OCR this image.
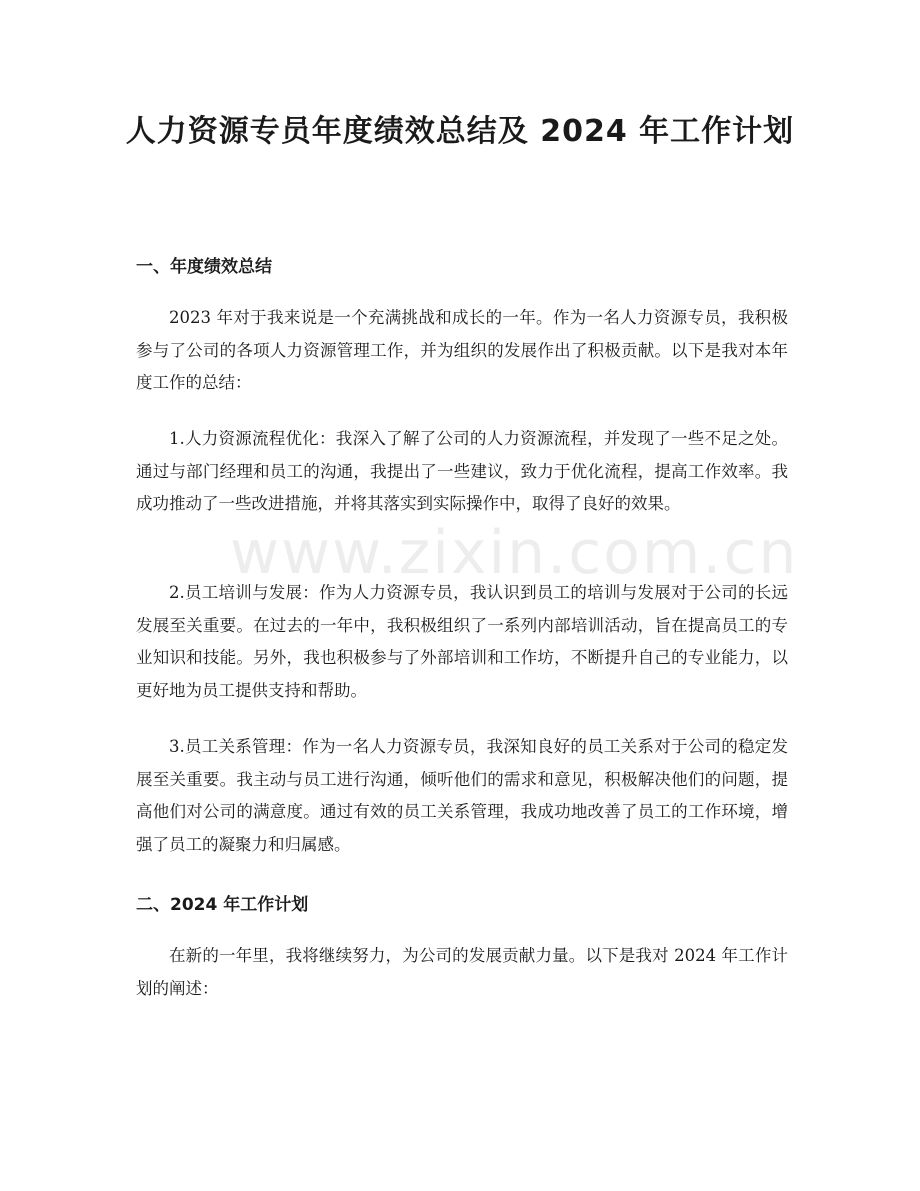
www.zixin.com.cn
人力资源专员年度绩效总结及 2024 年工作计划
一、年度绩效总结

2023 年对于我来说是一个充满挑战和成长的一年。作为一名人力资源专员，我积极参与了公司的各项人力资源管理工作，并为组织的发展作出了积极贡献。以下是我对本年度工作的总结：

1.人力资源流程优化：我深入了解了公司的人力资源流程，并发现了一些不足之处。通过与部门经理和员工的沟通，我提出了一些建议，致力于优化流程，提高工作效率。我成功推动了一些改进措施，并将其落实到实际操作中，取得了良好的效果。

2.员工培训与发展：作为人力资源专员，我认识到员工的培训与发展对于公司的长远发展至关重要。在过去的一年中，我积极组织了一系列内部培训活动，旨在提高员工的专业知识和技能。另外，我也积极参与了外部培训和工作坊，不断提升自己的专业能力，以更好地为员工提供支持和帮助。

3.员工关系管理：作为一名人力资源专员，我深知良好的员工关系对于公司的稳定发展至关重要。我主动与员工进行沟通，倾听他们的需求和意见，积极解决他们的问题，提高他们对公司的满意度。通过有效的员工关系管理，我成功地改善了员工的工作环境，增强了员工的凝聚力和归属感。

二、2024 年工作计划

在新的一年里，我将继续努力，为公司的发展贡献力量。以下是我对 2024 年工作计划的阐述：
